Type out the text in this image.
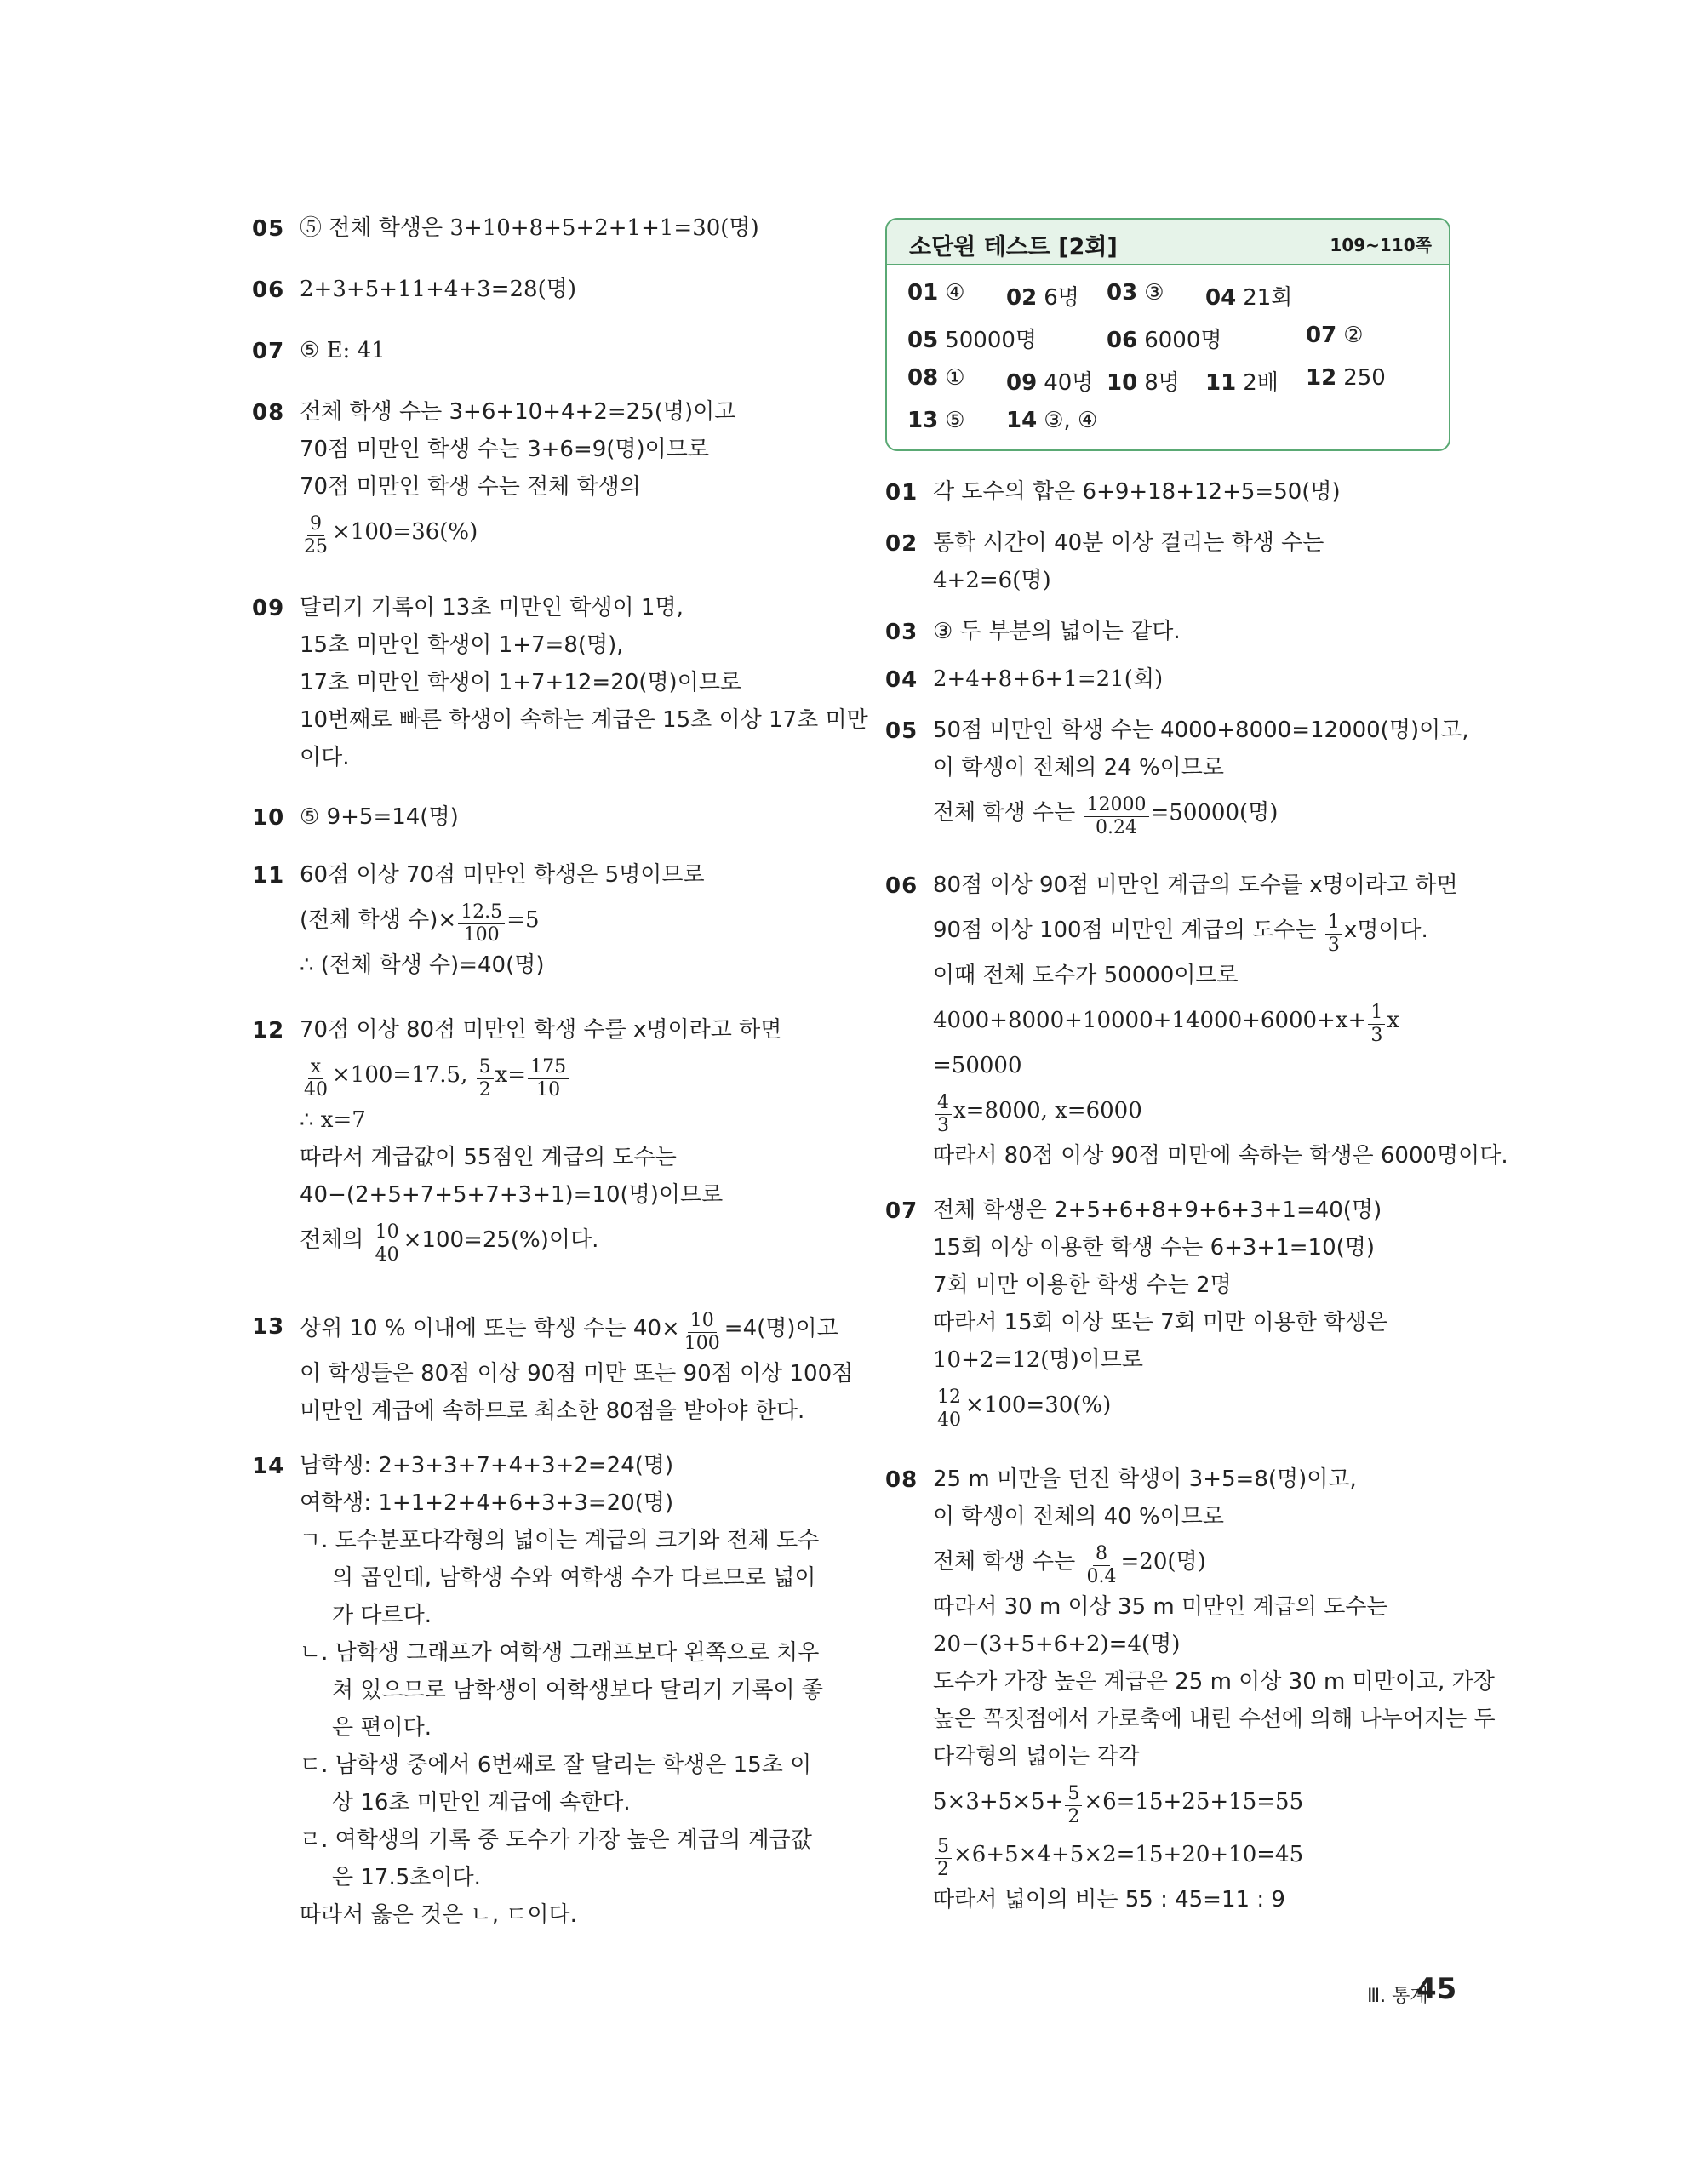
05 ⑤ 전체 학생은 3+10+8+5+2+1+1=30(명)
06 2+3+5+11+4+3=28(명)
07 ⑤ E: 41
08 전체 학생 수는 3+6+10+4+2=25(명)이고
70점 미만인 학생 수는 3+6=9(명)이므로
70점 미만인 학생 수는 전체 학생의
$\frac{9}{25} \times 100=36(\%)$
09 달리기 기록이 13초 미만인 학생이 1명,
15초 미만인 학생이 1+7=8(명),
17초 미만인 학생이 1+7+12=20(명)이므로
10번째로 빠른 학생이 속하는 계급은 15초 이상 17초 미만
이다.
10 ⑤ 9+5=14(명)
11 60점 이상 70점 미만인 학생은 5명이므로
(전체 학생 수)× $\frac{12.5}{100} =5$
∴ (전체 학생 수)=40(명)
12 70점 이상 80점 미만인 학생 수를 x명이라고 하면
$\frac{x}{40} \times 100=17.5$, $\frac{5}{2} x= \frac{175}{10}$
∴ x=7
따라서 계급값이 55점인 계급의 도수는
40−(2+5+7+5+7+3+1)=10(명)이므로
전체의 $\frac{10}{40} \times 100=25(\%)$이다.
13 상위 10 % 이내에 또는 학생 수는 $40\times \frac{10}{100} =4$(명)이고
이 학생들은 80점 이상 90점 미만 또는 90점 이상 100점
미만인 계급에 속하므로 최소한 80점을 받아야 한다.
14 남학생: 2+3+3+7+4+3+2=24(명)
여학생: 1+1+2+4+6+3+3=20(명)
ㄱ. 도수분포다각형의 넓이는 계급의 크기와 전체 도수의 곱인데, 남학생 수와 여학생 수가 다르므로 넓이가 다르다.
ㄴ. 남학생 그래프가 여학생 그래프보다 왼쪽으로 치우쳐 있으므로 남학생이 여학생보다 달리기 기록이 좋은 편이다.
ㄷ. 남학생 중에서 6번째로 잘 달리는 학생은 15초 이상 16초 미만인 계급에 속한다.
ㄹ. 여학생의 기록 중 도수가 가장 높은 계급의 계급값은 17.5초이다.
따라서 옳은 것은 ㄴ, ㄷ이다.
소단원 테스트 [2회]	109~110쪽
01 ④ 02 6명 03 ③ 04 21회
05 50000명	06 6000명	07 ②
08 ① 09 40명 10 8명 11 2배 12 250
13 ⑤ 14 ③, ④
01 각 도수의 합은 6+9+18+12+5=50(명)
02 통학 시간이 40분 이상 걸리는 학생 수는
4+2=6(명)
03 ③ 두 부분의 넓이는 같다.
04 2+4+8+6+1=21(회)
05 50점 미만인 학생 수는 4000+8000=12000(명)이고,
이 학생이 전체의 24 %이므로
전체 학생 수는 $\frac{12000}{0.24} =50000$(명)
06 80점 이상 90점 미만인 계급의 도수를 x명이라고 하면
90점 이상 100점 미만인 계급의 도수는 $\frac{1}{3}$ x명이다.
이때 전체 도수가 50000이므로
$4000+8000+10000+14000+6000+x+ \frac{1}{3}$ x
=50000
$\frac{4}{3} x=8000$, x=6000
따라서 80점 이상 90점 미만에 속하는 학생은 6000명이다.
07 전체 학생은 2+5+6+8+9+6+3+1=40(명)
15회 이상 이용한 학생 수는 6+3+1=10(명)
7회 미만 이용한 학생 수는 2명
따라서 15회 이상 또는 7회 미만 이용한 학생은
10+2=12(명)이므로
$\frac{12}{40} \times 100=30(\%)$
08 25 m 미만을 던진 학생이 3+5=8(명)이고,
이 학생이 전체의 40 %이므로
전체 학생 수는 $\frac{8}{0.4} =20$(명)
따라서 30 m 이상 35 m 미만인 계급의 도수는
20−(3+5+6+2)=4(명)
도수가 가장 높은 계급은 25 m 이상 30 m 미만이고, 가장
높은 꼭짓점에서 가로축에 내린 수선에 의해 나누어지는 두
다각형의 넓이는 각각
$5\times 3+5\times 5+ \frac{5}{2} \times 6=15+25+15=55$
$\frac{5}{2} \times 6+5\times 4+5\times 2=15+20+10=45$
따라서 넓이의 비는 55 : 45=11 : 9
Ⅲ. 통계
45
